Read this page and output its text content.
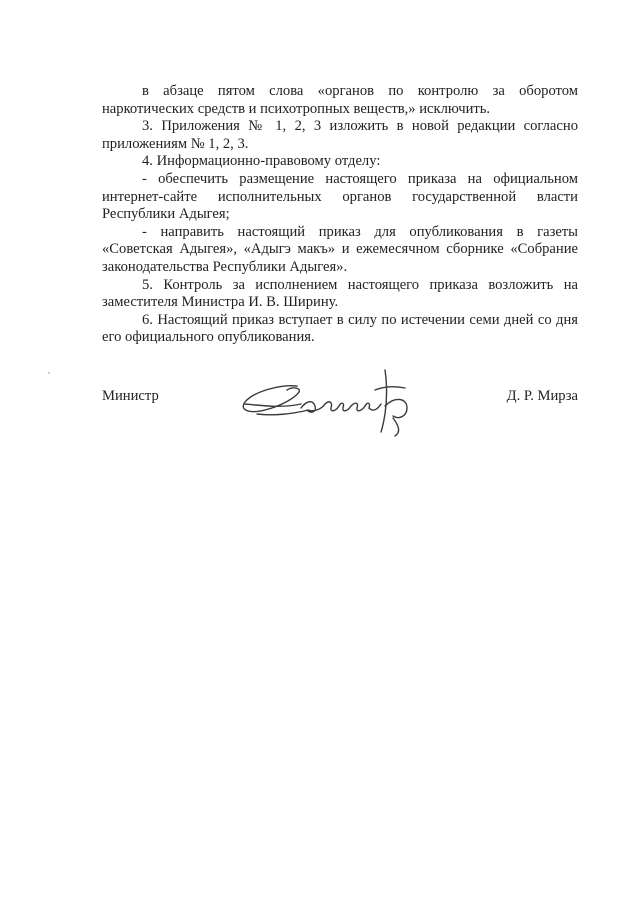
в абзаце пятом слова «органов по контролю за оборотом наркотических средств и психотропных веществ,» исключить.

3. Приложения № 1, 2, 3 изложить в новой редакции согласно приложениям № 1, 2, 3.

4. Информационно-правовому отделу:

- обеспечить размещение настоящего приказа на официальном интернет-сайте исполнительных органов государственной власти Республики Адыгея;

- направить настоящий приказ для опубликования в газеты «Советская Адыгея», «Адыгэ макъ» и ежемесячном сборнике «Собрание законодательства Республики Адыгея».

5. Контроль за исполнением настоящего приказа возложить на заместителя Министра И. В. Ширину.

6. Настоящий приказ вступает в силу по истечении семи дней со дня его официального опубликования.

Министр	Д. Р. Мирза
